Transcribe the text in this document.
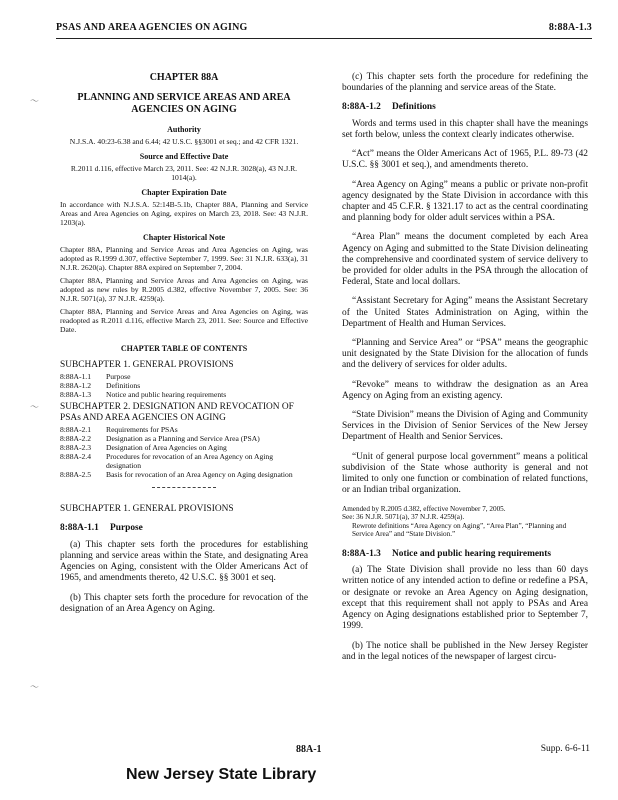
PSAS AND AREA AGENCIES ON AGING	8:88A-1.3
〜
〜
〜

CHAPTER 88A

PLANNING AND SERVICE AREAS AND AREA AGENCIES ON AGING

Authority

N.J.S.A. 40:23-6.38 and 6.44; 42 U.S.C. §§3001 et seq.; and 42 CFR 1321.

Source and Effective Date

R.2011 d.116, effective March 23, 2011. See: 42 N.J.R. 3028(a), 43 N.J.R. 1014(a).

Chapter Expiration Date

In accordance with N.J.S.A. 52:14B-5.1b, Chapter 88A, Planning and Service Areas and Area Agencies on Aging, expires on March 23, 2018. See: 43 N.J.R. 1203(a).

Chapter Historical Note

Chapter 88A, Planning and Service Areas and Area Agencies on Aging, was adopted as R.1999 d.307, effective September 7, 1999. See: 31 N.J.R. 633(a), 31 N.J.R. 2620(a). Chapter 88A expired on September 7, 2004.

Chapter 88A, Planning and Service Areas and Area Agencies on Aging, was adopted as new rules by R.2005 d.382, effective November 7, 2005. See: 36 N.J.R. 5071(a), 37 N.J.R. 4259(a).

Chapter 88A, Planning and Service Areas and Area Agencies on Aging, was readopted as R.2011 d.116, effective March 23, 2011. See: Source and Effective Date.

CHAPTER TABLE OF CONTENTS

SUBCHAPTER 1. GENERAL PROVISIONS

8:88A-1.1	Purpose
8:88A-1.2	Definitions
8:88A-1.3	Notice and public hearing requirements

SUBCHAPTER 2. DESIGNATION AND REVOCATION OF PSAs AND AREA AGENCIES ON AGING

8:88A-2.1	Requirements for PSAs
8:88A-2.2	Designation as a Planning and Service Area (PSA)
8:88A-2.3	Designation of Area Agencies on Aging
8:88A-2.4	Procedures for revocation of an Area Agency on Aging designation
8:88A-2.5	Basis for revocation of an Area Agency on Aging designation

SUBCHAPTER 1. GENERAL PROVISIONS

8:88A-1.1 Purpose

(a) This chapter sets forth the procedures for establishing planning and service areas within the State, and designating Area Agencies on Aging, consistent with the Older Americans Act of 1965, and amendments thereto, 42 U.S.C. §§ 3001 et seq.

(b) This chapter sets forth the procedure for revocation of the designation of an Area Agency on Aging.

(c) This chapter sets forth the procedure for redefining the boundaries of the planning and service areas of the State.

8:88A-1.2 Definitions

Words and terms used in this chapter shall have the meanings set forth below, unless the context clearly indicates otherwise.

“Act” means the Older Americans Act of 1965, P.L. 89-73 (42 U.S.C. §§ 3001 et seq.), and amendments thereto.

“Area Agency on Aging” means a public or private non-profit agency designated by the State Division in accordance with this chapter and 45 C.F.R. § 1321.17 to act as the central coordinating and planning body for older adult services within a PSA.

“Area Plan” means the document completed by each Area Agency on Aging and submitted to the State Division delineating the comprehensive and coordinated system of service delivery to be provided for older adults in the PSA through the allocation of Federal, State and local dollars.

“Assistant Secretary for Aging” means the Assistant Secretary of the United States Administration on Aging, within the Department of Health and Human Services.

“Planning and Service Area” or “PSA” means the geographic unit designated by the State Division for the allocation of funds and the delivery of services for older adults.

“Revoke” means to withdraw the designation as an Area Agency on Aging from an existing agency.

“State Division” means the Division of Aging and Community Services in the Division of Senior Services of the New Jersey Department of Health and Senior Services.

“Unit of general purpose local government” means a political subdivision of the State whose authority is general and not limited to only one function or combination of related functions, or an Indian tribal organization.

Amended by R.2005 d.382, effective November 7, 2005.
See: 36 N.J.R. 5071(a), 37 N.J.R. 4259(a).
Rewrote definitions “Area Agency on Aging”, “Area Plan”, “Planning and Service Area” and “State Division.”

8:88A-1.3 Notice and public hearing requirements

(a) The State Division shall provide no less than 60 days written notice of any intended action to define or redefine a PSA, or designate or revoke an Area Agency on Aging designation, except that this requirement shall not apply to PSAs and Area Agency on Aging designations established prior to September 7, 1999.

(b) The notice shall be published in the New Jersey Register and in the legal notices of the newspaper of largest circu-

88A-1	Supp. 6-6-11
New Jersey State Library
